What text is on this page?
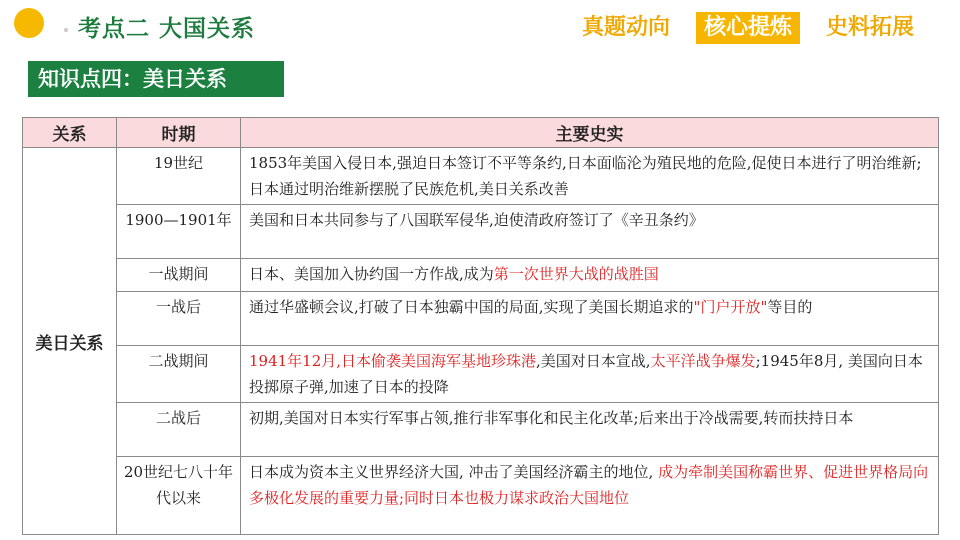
考点二 大国关系	真题动向	核心提炼	史料拓展
知识点四：美日关系
关系	时期	主要史实
美日关系	19世纪	1853年美国入侵日本,强迫日本签订不平等条约,日本面临沦为殖民地的危险,促使日本进行了明治维新;日本通过明治维新摆脱了民族危机,美日关系改善
	1900—1901年	美国和日本共同参与了八国联军侵华,迫使清政府签订了《辛丑条约》
	一战期间	日本、美国加入协约国一方作战,成为第一次世界大战的战胜国
	一战后	通过华盛顿会议,打破了日本独霸中国的局面,实现了美国长期追求的"门户开放"等目的
	二战期间	1941年12月,日本偷袭美国海军基地珍珠港,美国对日本宣战,太平洋战争爆发;1945年8月, 美国向日本投掷原子弹,加速了日本的投降
	二战后	初期,美国对日本实行军事占领,推行非军事化和民主化改革;后来出于冷战需要,转而扶持日本
	20世纪七八十年代以来	日本成为资本主义世界经济大国, 冲击了美国经济霸主的地位, 成为牵制美国称霸世界、促进世界格局向多极化发展的重要力量;同时日本也极力谋求政治大国地位
